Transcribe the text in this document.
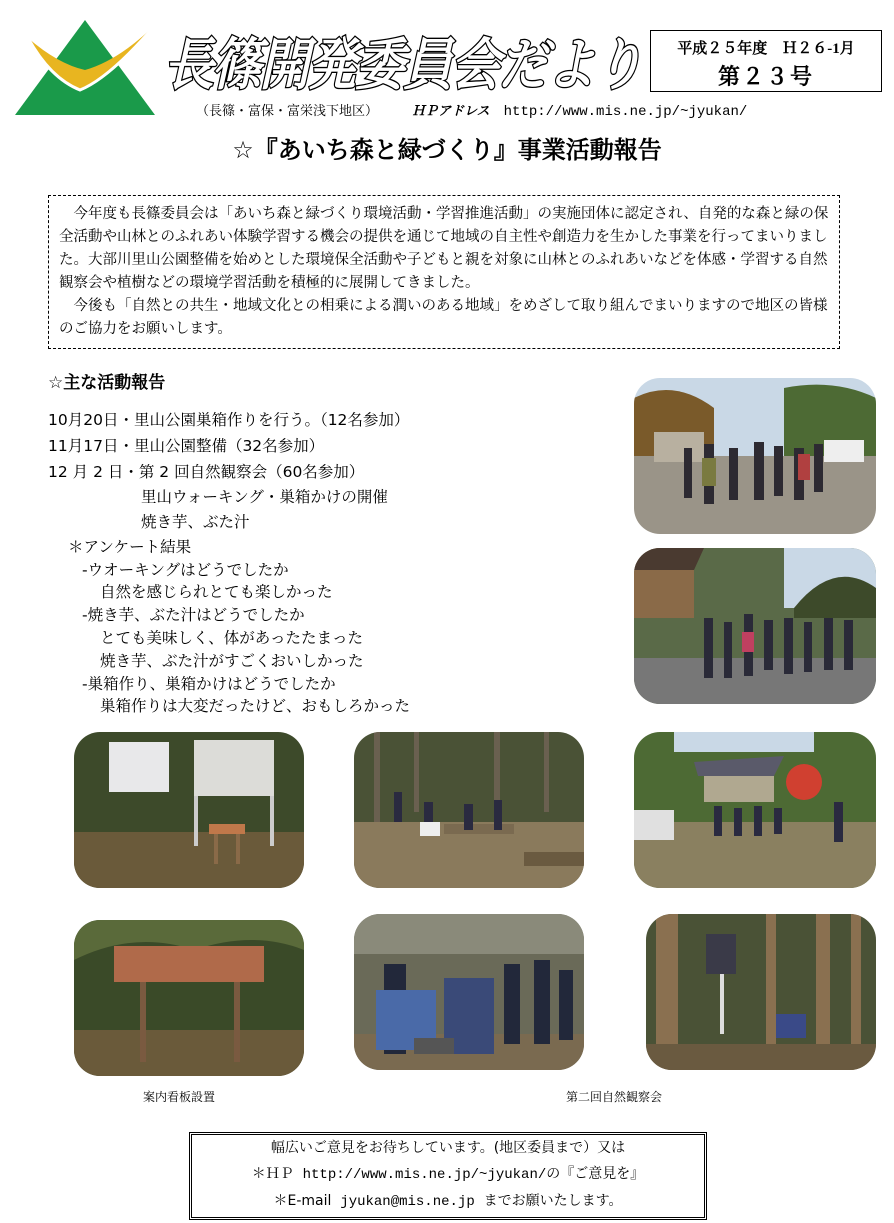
長篠開発委員会だより
（長篠・富保・富栄浅下地区）	ＨＰアドレス http://www.mis.ne.jp/~jyukan/
平成２５年度　Ｈ２６-1月
第２３号
☆『あいち森と緑づくり』事業活動報告

今年度も長篠委員会は「あいち森と緑づくり環境活動・学習推進活動」の実施団体に認定され、自発的な森と緑の保全活動や山林とのふれあい体験学習する機会の提供を通じて地域の自主性や創造力を生かした事業を行ってまいりました。大部川里山公園整備を始めとした環境保全活動や子どもと親を対象に山林とのふれあいなどを体感・学習する自然観察会や植樹などの環境学習活動を積極的に展開してきました。

今後も「自然との共生・地域文化との相乗による潤いのある地域」をめざして取り組んでまいりますので地区の皆様のご協力をお願いします。

☆主な活動報告
10月20日・里山公園巣箱作りを行う。（12名参加）
11月17日・里山公園整備（32名参加）
12 月 2 日・第 2 回自然観察会（60名参加）
里山ウォーキング・巣箱かけの開催
焼き芋、ぶた汁
＊アンケート結果
-ウオーキングはどうでしたか
自然を感じられとても楽しかった
-焼き芋、ぶた汁はどうでしたか
とても美味しく、体があったたまった
焼き芋、ぶた汁がすごくおいしかった
-巣箱作り、巣箱かけはどうでしたか
巣箱作りは大変だったけど、おもしろかった
案内看板設置	第二回自然観察会
幅広いご意見をお待ちしています。(地区委員まで）又は
＊ＨＰ http://www.mis.ne.jp/~jyukan/の『ご意見を』
＊E-mail jyukan@mis.ne.jp までお願いたします。
